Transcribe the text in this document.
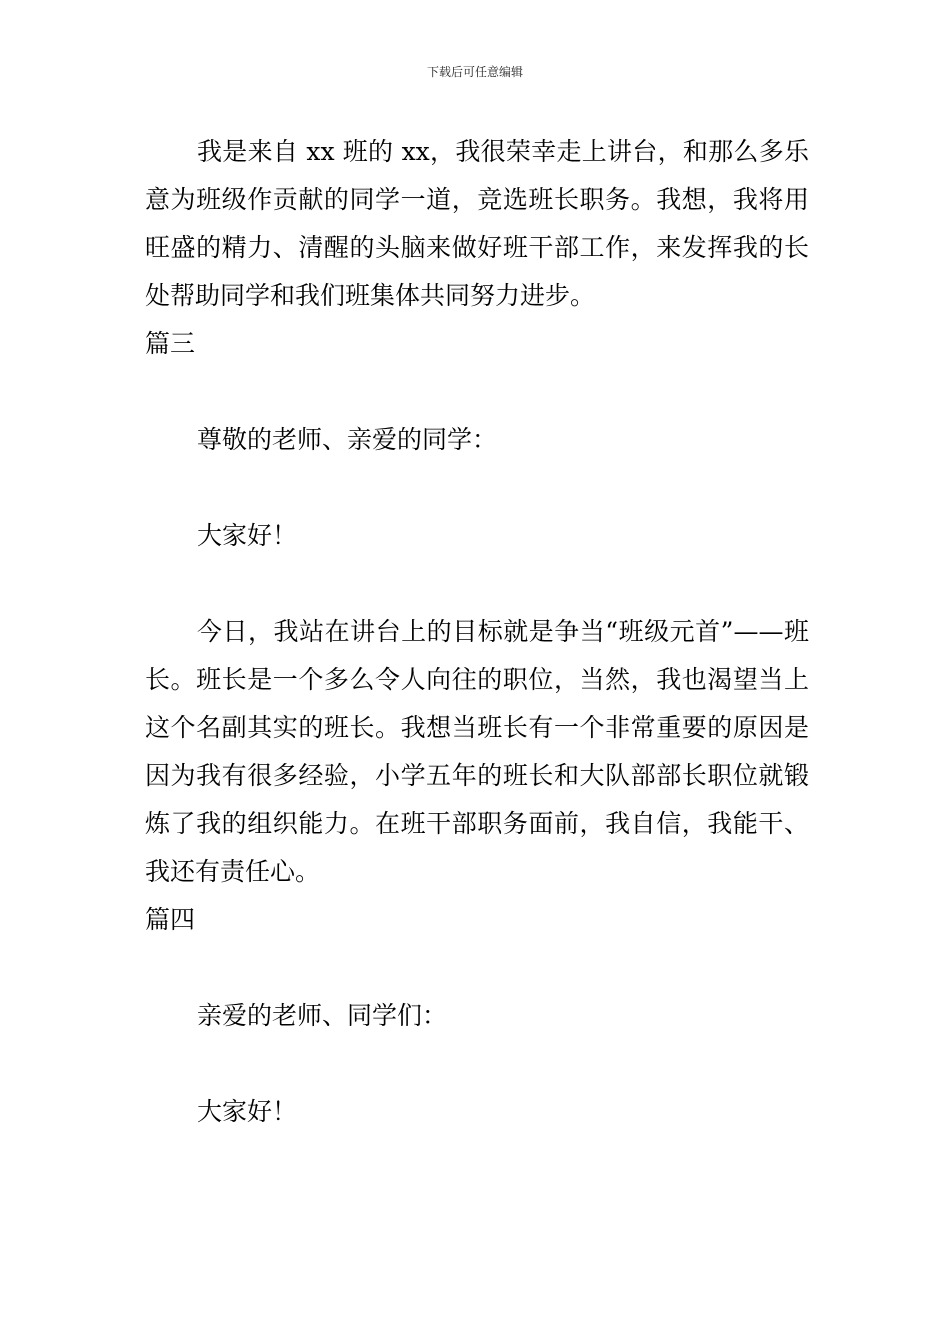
下载后可任意编辑

我是来自 xx 班的 xx，我很荣幸走上讲台，和那么多乐意为班级作贡献的同学一道，竞选班长职务。我想，我将用旺盛的精力、清醒的头脑来做好班干部工作，来发挥我的长处帮助同学和我们班集体共同努力进步。

篇三

尊敬的老师、亲爱的同学：

大家好！

今日，我站在讲台上的目标就是争当“班级元首”——班长。班长是一个多么令人向往的职位，当然，我也渴望当上这个名副其实的班长。我想当班长有一个非常重要的原因是因为我有很多经验，小学五年的班长和大队部部长职位就锻炼了我的组织能力。在班干部职务面前，我自信，我能干、我还有责任心。

篇四

亲爱的老师、同学们：

大家好！
